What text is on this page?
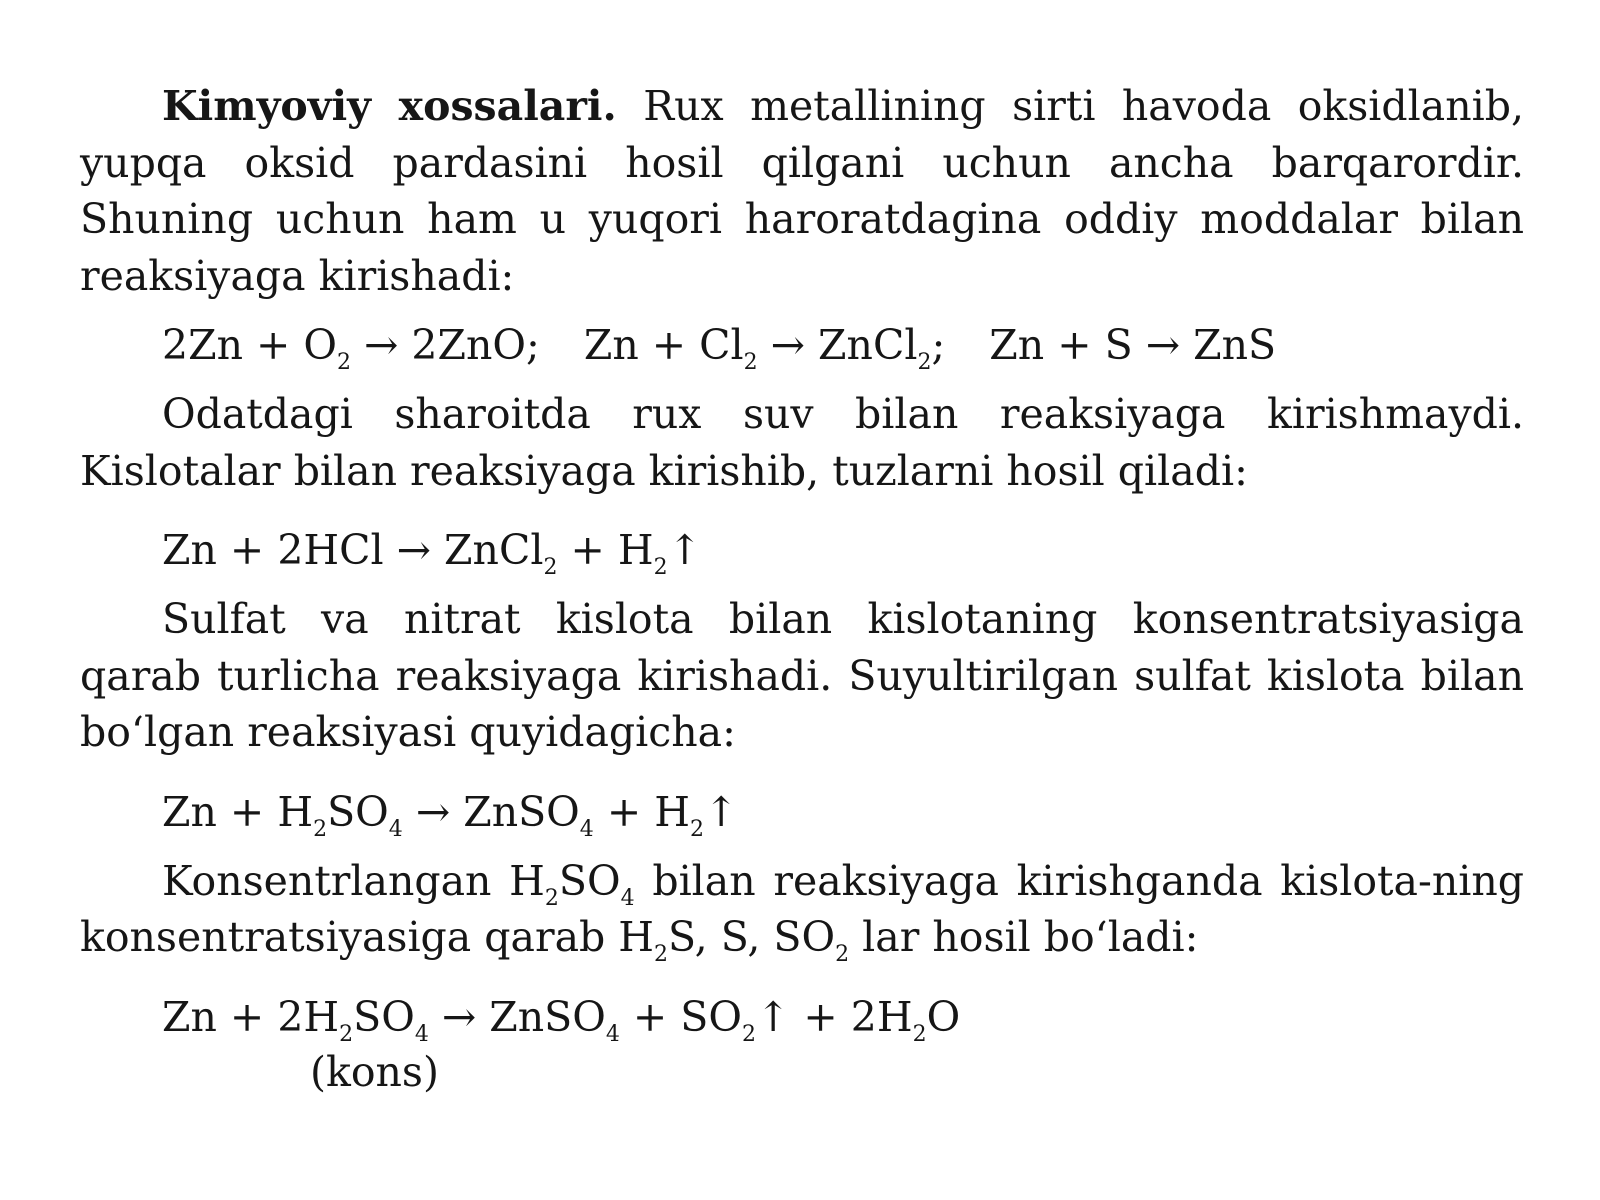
Kimyoviy xossalari. Rux metallining sirti havoda oksidlanib, yupqa oksid pardasini hosil qilgani uchun ancha barqarordir. Shuning uchun ham u yuqori haroratdagina oddiy moddalar bilan reaksiyaga kirishadi:

$2Zn + O_2 \to 2ZnO$; $Zn + Cl_2$ → ZnCl$_2$; Zn + S → ZnS

Odatdagi sharoitda rux suv bilan reaksiyaga kirishmaydi. Kislotalar bilan reaksiyaga kirishib, tuzlarni hosil qiladi:

Zn + 2HCl → ZnCl$_2$ + $H_2↑$

Sulfat va nitrat kislota bilan kislotaning konsentratsiyasiga qarab turlicha reaksiyaga kirishadi. Suyultirilgan sulfat kislota bilan bo‘lgan reaksiyasi quyidagicha:

$Zn + H_2SO_4$ → ZnSO$_4$ + $H_2↑$

Konsentrlangan $H_2SO_4$ bilan reaksiyaga kirishganda kislota-ning konsentratsiyasiga qarab $H_2S$, S, $SO_2$ lar hosil bo‘ladi:

$Zn + 2H_2SO_4$ → ZnSO$_4$ + $SO_2↑ + 2H_2O$

(kons)
